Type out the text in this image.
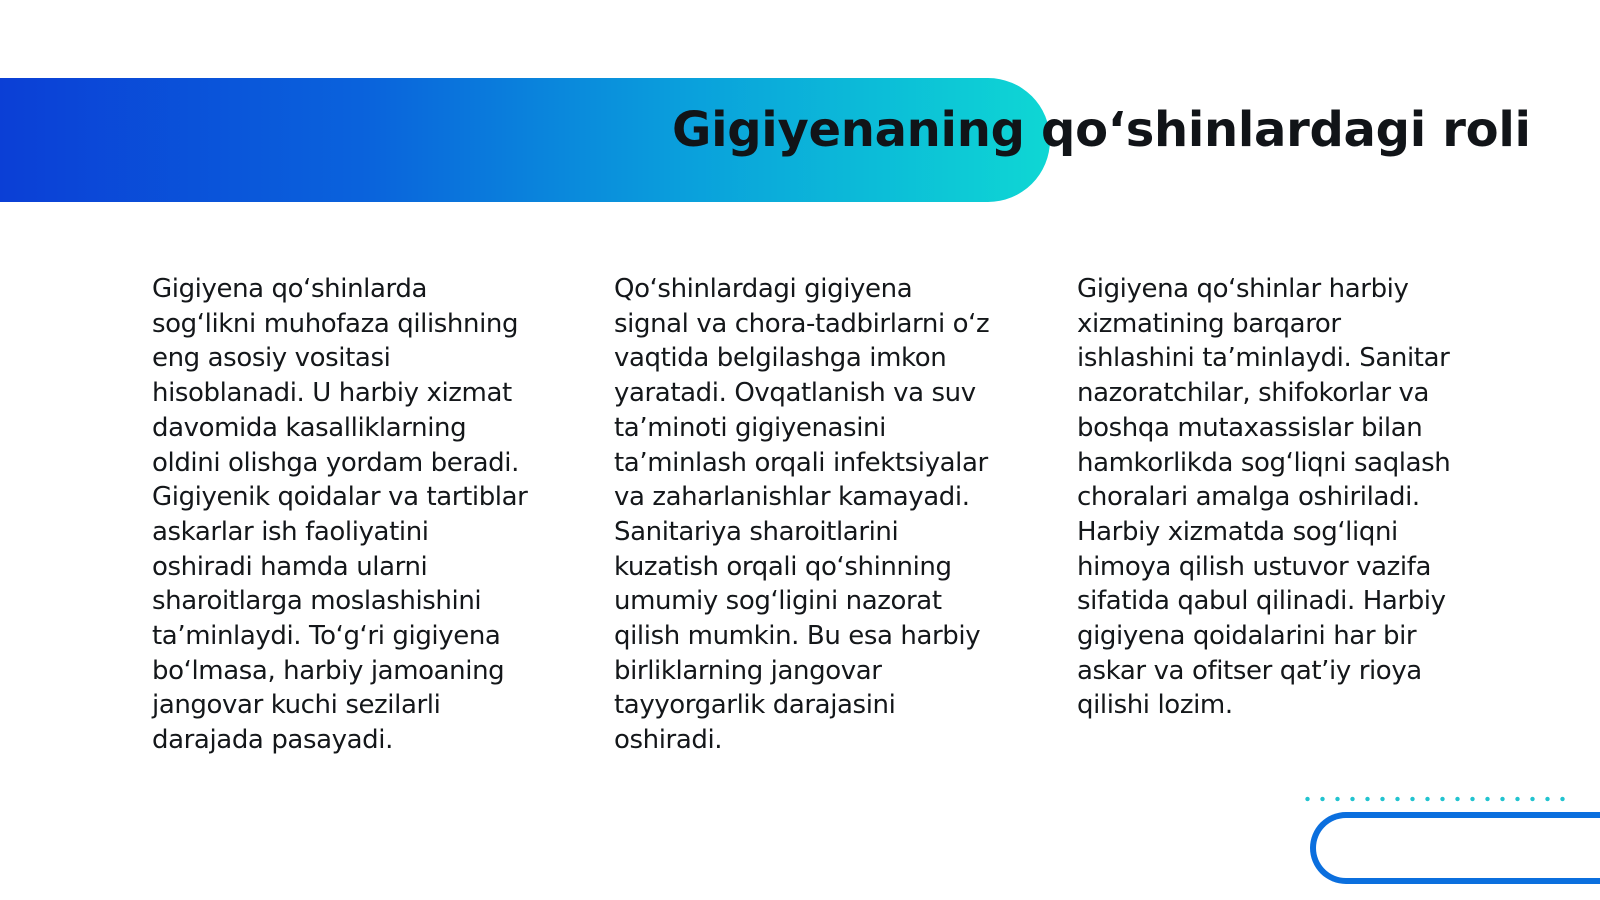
Gigiyenaning qo‘shinlardagi roli

Gigiyena qo‘shinlarda sog‘likni muhofaza qilishning eng asosiy vositasi hisoblanadi. U harbiy xizmat davomida kasalliklarning oldini olishga yordam beradi. Gigiyenik qoidalar va tartiblar askarlar ish faoliyatini oshiradi hamda ularni sharoitlarga moslashishini ta’minlaydi. To‘g‘ri gigiyena bo‘lmasa, harbiy jamoaning jangovar kuchi sezilarli darajada pasayadi.

Qo‘shinlardagi gigiyena signal va chora-tadbirlarni o‘z vaqtida belgilashga imkon yaratadi. Ovqatlanish va suv ta’minoti gigiyenasini ta’minlash orqali infektsiyalar va zaharlanishlar kamayadi. Sanitariya sharoitlarini kuzatish orqali qo‘shinning umumiy sog‘ligini nazorat qilish mumkin. Bu esa harbiy birliklarning jangovar tayyorgarlik darajasini oshiradi.

Gigiyena qo‘shinlar harbiy xizmatining barqaror ishlashini ta’minlaydi. Sanitar nazoratchilar, shifokorlar va boshqa mutaxassislar bilan hamkorlikda sog‘liqni saqlash choralari amalga oshiriladi. Harbiy xizmatda sog‘liqni himoya qilish ustuvor vazifa sifatida qabul qilinadi. Harbiy gigiyena qoidalarini har bir askar va ofitser qat’iy rioya qilishi lozim.
